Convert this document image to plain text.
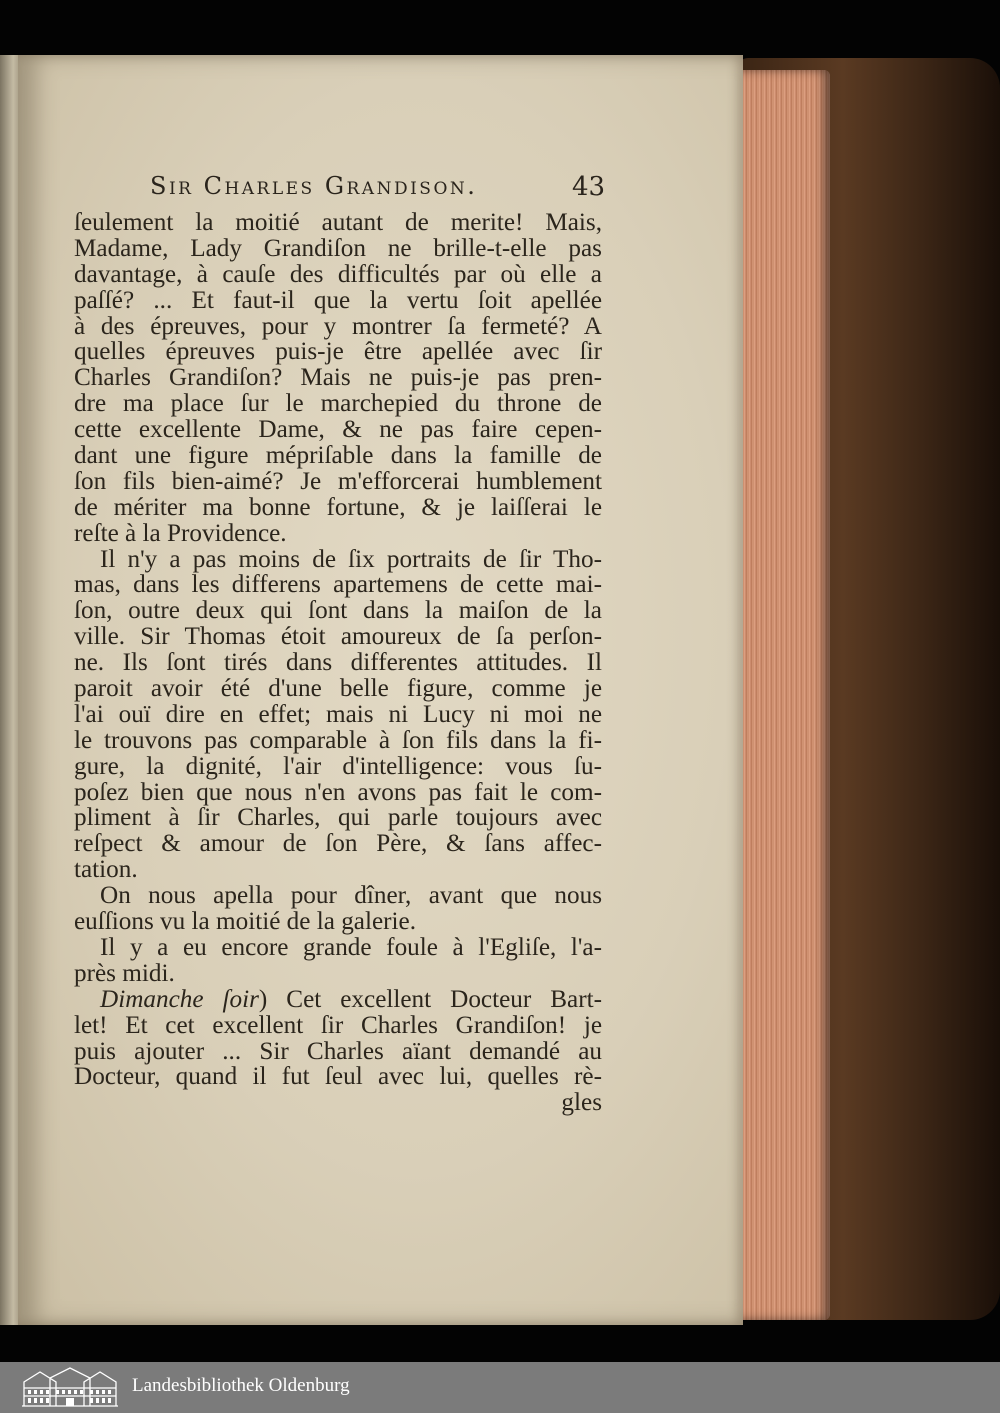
Sir Charles Grandison.	43
ſeulement la moitié autant de merite! Mais,
Madame, Lady Grandiſon ne brille-t-elle pas
davantage, à cauſe des difficultés par où elle a
paſſé? ... Et faut-il que la vertu ſoit apellée
à des épreuves, pour y montrer ſa fermeté? A
quelles épreuves puis-je être apellée avec ſir
Charles Grandiſon? Mais ne puis-je pas pren-
dre ma place ſur le marchepied du throne de
cette excellente Dame, & ne pas faire cepen-
dant une figure mépriſable dans la famille de
ſon fils bien-aimé? Je m'efforcerai humblement
de mériter ma bonne fortune, & je laiſſerai le
reſte à la Providence.
Il n'y a pas moins de ſix portraits de ſir Tho-
mas, dans les differens apartemens de cette mai-
ſon, outre deux qui ſont dans la maiſon de la
ville. Sir Thomas étoit amoureux de ſa perſon-
ne. Ils ſont tirés dans differentes attitudes. Il
paroit avoir été d'une belle figure, comme je
l'ai ouï dire en effet; mais ni Lucy ni moi ne
le trouvons pas comparable à ſon fils dans la fi-
gure, la dignité, l'air d'intelligence: vous ſu-
poſez bien que nous n'en avons pas fait le com-
pliment à ſir Charles, qui parle toujours avec
reſpect & amour de ſon Père, & ſans affec-
tation.
On nous apella pour dîner, avant que nous
euſſions vu la moitié de la galerie.
Il y a eu encore grande foule à l'Egliſe, l'a-
près midi.
Dimanche ſoir) Cet excellent Docteur Bart-
let! Et cet excellent ſir Charles Grandiſon! je
puis ajouter ... Sir Charles aïant demandé au
Docteur, quand il fut ſeul avec lui, quelles rè-
gles
Landesbibliothek Oldenburg
